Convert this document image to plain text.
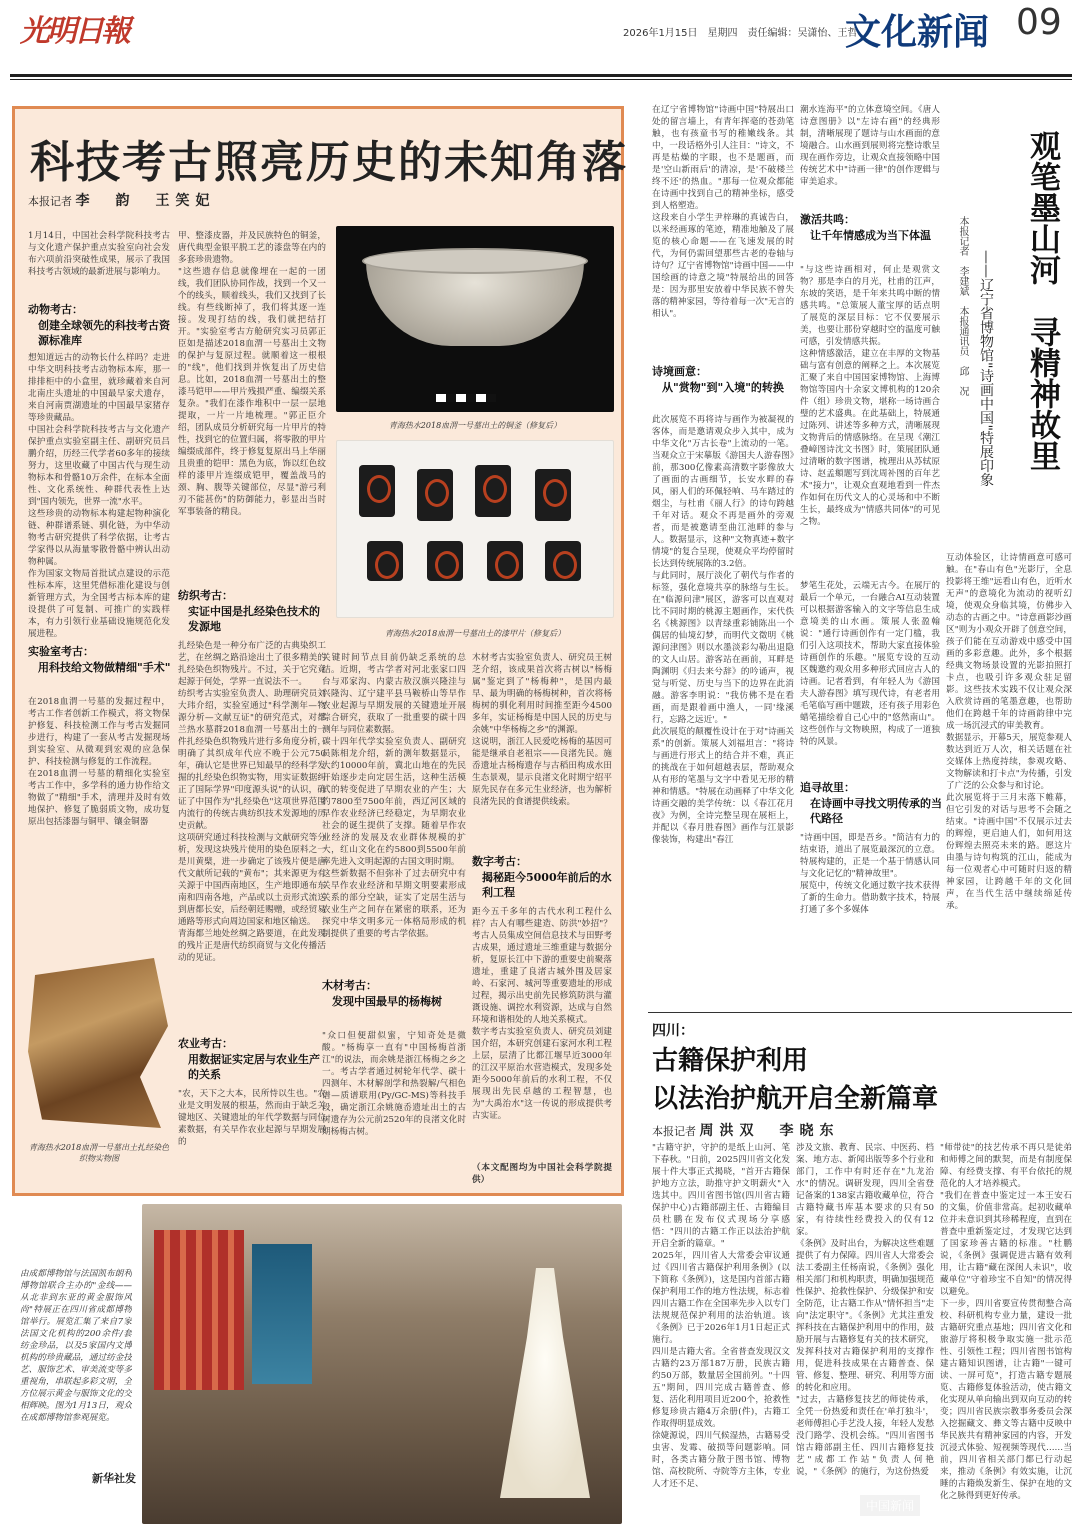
光明日報	2026年1月15日　星期四　责任编辑：吴潇怡、王哲
文化新闻 09
科技考古照亮历史的未知角落
本报记者 李　韵　王笑妃
1月14日，中国社会科学院科技考古与文化遗产保护重点实验室向社会发布六项前沿突破性成果，展示了我国科技考古领域的最新进展与影响力。
动物考古：
创建全球领先的科技考古资源标准库
想知道远古的动物长什么样吗？走进中华文明科技考古动物标本库，那一排排柜中的小盒里，就珍藏着来自河北南庄头遗址的中国最早家犬遗存，来自河南贾湖遗址的中国最早家猪存等珍贵藏品。
中国社会科学院科技考古与文化遗产保护重点实验室副主任、副研究员吕鹏介绍，历经三代学者60多年的接续努力，这里收藏了中国古代与现生动物标本和骨骼10万余件，在标本全面性、文化系统性、种群代表性上达到"国内领先，世界一流"水平。
这些珍贵的动物标本构建起物种演化链、种群谱系链、驯化链，为中华动物考古研究提供了科学依据，让考古学家得以从海量零散骨骼中辨认出动物种属。
作为国家文物局首批试点建设的示范性标本库，这里凭借标准化建设与创新管理方式，为全国考古标本库的建设提供了可复制、可推广的实践样本，有力引领行业基础设施规范化发展进程。
实验室考古：
用科技给文物做精细"手术"
在2018血渭一号墓的发掘过程中，考古工作者创新工作模式，将文物保护修复、科技检测工作与考古发掘同步进行，构建了一套从考古发掘现场到实验室、从微观到宏观的应急保护、科技检测与修复的工作流程。
在2018血渭一号墓的精细化实验室考古工作中，多学科的通力协作给文物做了"精细"手术，清理并及时有效地保护、修复了脆弱质文物，成功复原出包括漆器与铜甲、镶金铜器
青海热水2018血渭一号墓出土扎经染色织物实物图
甲、整漆皮器，并及民族特色的铜釜，唐代典型金银平脱工艺的漆盘等在内的多套珍贵遗物。
"这些遗存信息就像埋在一起的一团线，我们团队协同作战，找到一个又一个的线头，顺着线头，我们又找到了长线。有些线断掉了，我们将其逐一连接。发现打结的线，我们就把结打开。"实验室考古方舱研究实习员郭正臣如是描述2018血渭一号墓出土文物的保护与复原过程。就顺着这一根根的"线"，他们找到并恢复出了历史信息。比如，2018血渭一号墓出土的整漆马铠甲——甲片残损严重、编缀关系复杂。"我们在漆作堆积中一层一层地提取，一片一片地梳理。"郭正臣介绍，团队成员分析研究每一片甲片的特性，找到它的位置归属，将零散的甲片编缀成部件，终于修复复原出马上华丽且贵重的铠甲：黑色为底，饰以红色纹样的漆甲片连缀成铠甲，覆盖战马的颈、胸、腹等关键部位，尽显"游弓利刃不能甚伤"的防御能力，彰显出当时军事装备的精良。
纺织考古：
实证中国是扎经染色技术的发源地
扎经染色是一种分布广泛的古典染织工艺，在丝绸之路沿途出土了很多精美的扎经染色织物残片。不过，关于它究竟起源于何处，学界一直说法不一。
纺织考古实验室负责人、助理研究员刘大玮介绍，实验室通过"科学测年—物源分析—文献互证"的研究范式，对都兰热水墓群2018血渭一号墓出土的一件扎经染色织物残片进行多角度分析，明确了其织成年代应不晚于公元750年，确认它是世界已知最早的经科学发掘的扎经染色织物实物，用实证数据纠正了国际学界"印度源头说"的认识，确证了中国作为"扎经染色"这项世界范围内流行的传统古典纺织技术发源地的历史贡献。
这项研究通过科技检测与文献研究等分析，发现这块残片使用的染色原料之一是川黄檗，进一步确定了该残片便是唐代文献所记载的"黄布"；其来源更为有关源于中国西南地区，生产地即通布东南和四南各地，产品或以土贡形式流送到唐都长安，后经朝廷赐赠，或经贸易通路等形式向周边国家和地区输送。
青海都兰地处丝绸之路要道，在此发现的残片正是唐代纺织商贸与文化传播活动的见证。
农业考古：
用数据证实定居与农业生产的关系
"农，天下之大本，民所恃以生也。"农业是文明发展的根基，然而由于缺乏关键地区、关键遗址的年代学数据与同位素数据，有关早作农业起源与早期发展的
青海热水2018血渭一号墓出土的铜釜（修复后）
青海热水2018血渭一号墓出土的漆甲片（修复后）
关键时间节点目前仍缺乏系统的总结。近期，考古学者对河北张家口四台与邓家沟、内蒙古敖汉旗兴隆洼与兴隆沟、辽宁建平县马鞍桥山等早作农业起源与早期发展的关键遗址开展综合研究，获取了一批重要的碳十四测年与同位素数据。
碳十四年代学实验室负责人、副研究员陈相龙介绍，新的测年数据显示，大约10000年前，冀北山地在的先民开始逐步走向定居生活，这种生活模式的转变促进了早期农业的产生；大约7800至7500年前，西辽河区域的早作农业经济已经稳定，为早期农业社会的诞生提供了支撑。随着早作农业经济的发展及农业群体规模的扩大，红山文化在约5800到5500年前率先进入文明起源的古国文明时期。
这些新数据不但弥补了过去研究中有关早作农业经济和早期文明要素形成关系的部分空缺，证实了定居生活与农业生产之间存在紧密的联系，还为探究中华文明多元一体格局形成的机制提供了重要的考古学依据。
木材考古：
发现中国最早的杨梅树
"众口但便甜似蜜，宁知奇处是微酸。"杨梅享一直有"中国杨梅首浙江"的说法，而余姚是浙江杨梅之乡之一。考古学者通过树轮年代学、碳十四测年、木材解剖学和热裂解/气相色谱—质谱联用(Py/GC-MS)等科技手段，确定浙江余姚施岙遗址出土的古树遗存为公元前2520年的良渚文化时期杨梅古树。
木材考古实验室负责人、研究员王树芝介绍，该成果首次将古树以"杨梅属"鉴定到了"杨梅种"，是国内最早、最为明确的杨梅树种，首次将杨梅树的驯化利用时间推至距今4500多年，实证杨梅是中国人民的历史与余姚"中华杨梅之乡"的渊源。
这说明，浙江人民爱吃杨梅的基因可能是继承自老祖宗——良渚先民。施岙遗址古杨梅遗存与古稻田构成水田生态景观，显示良渚文化时期宁绍平原先民存在多元生业经济，也为解析良渚先民的食谱提供线索。
数字考古：
揭秘距今5000年前后的水利工程
距今五千多年的古代水利工程什么样？古人有哪些建造、防洪"妙招"？考古人员集成空间信息技术与田野考古成果，通过遗址三维重建与数据分析，复原长江中下游的重要史前聚落遗址，重建了良渚古城外围及居家岭、石家河、城河等重要遗址的形成过程，揭示出史前先民修筑防洪与灌溉设施、调控水利资源，达成与自然环境和谐相处的人地关系模式。
数字考古实验室负责人、研究员刘建国介绍，本研究创建石家河水利工程上层，层清了比都江堰早近3000年的江汉平原治水营造模式，发现多处距今5000年前后的水利工程，不仅展现出先民卓越的工程智慧，也为"大禹治水"这一传说的形成提供考古实证。
（本文配图均为中国社会科学院提供）
由成都博物馆与法国凯布朗利博物馆联合主办的"金线——从北非到东亚的黄金服饰风尚"特展正在四川省成都博物馆举行。展览汇集了来自7家法国文化机构的200余件/套纺金珍品，以及5家国内文博机构的珍贵藏品，通过纺金技艺、服饰艺术、审美流变等多重视角，串联起多彩文明，全方位展示黄金与服饰文化的交相辉映。图为1月13日，观众在成都博物馆参观展览。
新华社发
观笔墨山河　寻精神故里
——辽宁省博物馆"诗画中国"特展印象
本报记者　李建斌　本报通讯员　邱　况
在辽宁省博物馆"诗画中国"特展出口处的留言墙上，有青年挥毫的苍劲笔触，也有孩童书写的稚嫩线条。其中，一段话格外引人注目："诗文，不再是枯燥的字眼，也不是题画，而是'空山新雨后'的清凉，是'不破楼兰终不还'的热血。"那每一位观众都能在诗画中找到自己的精神坐标，感受到人格塑造。
这段来自小学生尹梓琳的真诚告白，以米经画琢的笔迹，精准地触及了展览的核心命题——在飞速发展的时代，为何仍需回望那些古老的卷轴与诗句？辽宁省博物馆"诗画中国——中国绘画的诗意之境"特展给出的回答是：因为那里安放着中华民族不曾失落的精神家园，等待着每一次"无言的相认"。
诗境画意：
从"赏物"到"入境"的转换
此次展览不再将诗与画作为被凝视的客体，而是邀请观众步入其中，成为中华文化"万古长卷"上流动的一笔。当观众立于宋摹版《游国夫人游春图》前，那300亿像素高清数字影像放大了画面的古画细节，长安水畔的春风，丽人们的环佩轻响、马车踏过的烟尘，与杜甫《丽人行》的诗句跨越千年对话。观众不再是画外的旁观者，而是被邀请至曲江池畔的参与人。数据显示，这种"文物真迹+数字情境"的复合呈现，使观众平均停留时长达到传统展陈的3.2倍。
与此同时，展厅淡化了朝代与作者的标签，强化意境共享的脉络与生长。在"临源问津"展区，游客可以直观对比不同时期的桃源主题画作，宋代佚名《桃源图》以青绿重彩铺陈出一个偶居的仙境幻梦，而明代文徵明《桃源问津图》则以水墨淡彩勾勒出退隐的文人山居。游客站在画前，耳畔是陶渊明《归去来兮辞》的吟诵声，视觉与听觉、历史与当下的边界在此消融。游客李明说："我仿佛不是在看画，而是跟着画中渔人，一同'缘溪行，忘路之远近'。"
此次展览的颠覆性设计在于对"诗画关系"的创新。策展人刘福坦言："将诗与画进行形式上的结合并不难，真正的挑战在于如何超越表层，帮助观众从有形的笔墨与文字中看见无形的精神和情感。"特展在动画释了中华文化诗画交融的美学传统：以《春江花月夜》为例，全诗完整呈现在展柜上，并配以《春月胜春图》画作与江景影像装饰，构建出"春江
潮水连海平"的立体意境空间。《唐人诗意图册》以"左诗右画"的经典形制，清晰展现了题诗与山水画面的意境融合。山水画到展则将完整诗歌呈现在画作旁边，让观众直接领略中国传统艺术中"诗画一律"的创作逻辑与审美追求。
激活共鸣：
让千年情感成为当下体温
"与这些诗画相对，何止是观赏文物？那是李白的月光，杜甫的江声，东坡的笑语，是千年来共鸣中断的情感共鸣。"总策展人董宝厚的话点明了展览的深层目标：它不仅要展示美，也要让那份穿越时空的温度可触可感，引发情感共振。
这种情感激活，建立在丰厚的文物基础与富有创意的阐释之上。本次展览汇聚了来自中国国家博物馆、上海博物馆等国内十余家文博机构的120余件（组）珍贵文物，堪称一场诗画合璧的艺术盛典。在此基础上，特展通过陈列、讲述等多种方式，清晰展现文物背后的情感脉络。在呈现《潮江叠嶂图诗沈文书图》时，策展团队通过清晰的数字图谱，梳理出从苏轼原诗、赵孟頫题写到沈周补图的百年艺术"接力"，让观众直观地看到一件杰作如何在历代文人的心灵场和中不断生长，最终成为"情感共同体"的可见之物。
梦笔生花处，云端无古今。在展厅的最后一个单元，一台融合AI互动装置可以根据游客输入的文字等信息生成意境美的山水画。策展人张盈翰说："通行诗画创作有一定门槛，我们引入这项技术，帮助大家直接体验诗画创作的乐趣。"展览专设的互动区魏邀约观众用多种形式回应古人的诗画。记者看到，有年轻人为《游国夫人游春图》填写现代诗，有老者用毛笔临写画中题跋，还有孩子用彩色蜡笔描绘着自己心中的"悠然南山"。这些创作与文物映照，构成了一道独特的风景。
追寻故里：
在诗画中寻找文明传承的当代路径
"诗画中国，即是吾乡。"简洁有力的结束语，道出了展览最深沉的立意。特展构建的，正是一个基于情感认同与文化记忆的"精神故里"。
展览中，传统文化通过数字技术获得了新的生命力。借助数字技术，特展打通了多个多媒体
互动体验区，让诗情画意可感可触。在"春山有色"光影厅，全息投影将王维"远看山有色，近听水无声"的意境化为流动的视听幻境，使观众身临其境，仿佛步入动态的古画之中。"诗意画影沙画区"则为小观众开辟了创意空间，孩子们能在互动游戏中感受中国画的多彩意趣。此外，多个根据经典文物场景设置的光影拍照打卡点，也吸引许多观众驻足留影。这些技术实践不仅让观众深入欣赏诗画的笔墨意趣，也帮助他们在跨越千年的诗画韵律中完成一场沉浸式的审美教育。
数据显示，开幕5天，展览参观人数达到近万人次，相关话题在社交媒体上热度持续，参观攻略、文物解读和打卡点"为传播，引发了广泛的公众参与和讨论。
此次展览将于三月末落下帷幕，但它引发的对话与思考不会随之结束。"诗画中国"不仅展示过去的辉煌，更启迪人们，如何用这份辉煌去照亮未来的路。愿这片由墨与诗句构筑的江山，能成为每一位观者心中可随时归返的精神家园，让跨越千年的文化回声，在当代生活中继续绵延传承。
四川：
古籍保护利用
以法治护航开启全新篇章
本报记者 周洪双　李晓东
"古籍守护，守护的是纸上山河、笔下春秋。"日前，2025四川省文化发展十件大事正式揭晓，"首开古籍保护地方立法，助推守护文明薪火"入选其中。四川省图书馆(四川省古籍保护中心)古籍部副主任、古籍编目员杜鹏在发布仪式现场分享感悟："四川的古籍工作正以法治护航开启全新的篇章。"
2025年，四川省人大常委会审议通过《四川省古籍保护利用条例》(以下简称《条例》)，这是国内首部古籍保护利用工作的地方性法规，标志着四川古籍工作在全国率先步入以专门法规规范保护利用的法治轨道。该《条例》已于2026年1月1日起正式施行。
四川是古籍大省。全省普查发现汉文古籍约23万部187万册，民族古籍约50万部，数量居全国前列。"十四五"期间，四川完成古籍普查、修复、活化利用项目近200个，抢救性修复珍贵古籍4万余册(件)，古籍工作取得明显成效。
徐婕源说，四川气候湿热，古籍易受虫害、发霉、破损等问题影响。同时，各类古籍分散于图书馆、博物馆、高校院所、寺院等方主体，专业人才还不足、
涉及文旅、教育、民宗、中医药、档案、地方志、新闻出版等多个行业和部门，工作中有时还存在"九龙治水"的情况。调研发现，四川全省登记备案的138家古籍收藏单位，符合古籍特藏书库基本要求的只有50家，有待续性经费投入的仅有12家。
《条例》及时出台，为解决这些难题提供了有力保障。四川省人大常委会法工委副主任杨南说，《条例》强化相关部门和机构职责，明确加强规范性保护、抢救性保护、分级保护和安全防范，让古籍工作从"情怀担当"走向"法定职守"。《条例》尤其注重发挥科技在古籍保护利用中的作用，鼓励开展与古籍修复有关的技术研究，发挥科技对古籍保护利用的支撑作用，促进科技成果在古籍普查、保管、修复、整理、研究、利用等方面的转化和应用。
"过去，古籍修复技艺的师徒传承，全凭一份热爱和责任在'单打独斗'，老师傅担心手艺没人接，年轻人发愁没门路学、没机会练。"四川省图书馆古籍部副主任、四川古籍修复技艺"成都工作站"负责人何艳说，"《条例》的施行，为这份热爱
"师带徒"的技艺传承不再只是徒弟和师傅之间的默契，而是有制度保障、有经费支撑、有平台依托的规范化的人才培养模式。
"我们在普查中鉴定过一本王安石的文集，价值非常高。起初收藏单位并未意识到其珍稀程度，直到在普查中重新鉴定过，才发现它达到了国家珍善古籍的标准。"杜鹏说，《条例》强调促进古籍有效利用，让古籍"藏在深闺人未识"，收藏单位"守着珍宝不自知"的情况得以避免。
下一步，四川省要宣传贯彻整合高校、科研机构专业力量，建设一批古籍研究重点基地；四川省文化和旅游厅将积极争取实施一批示范性、引领性工程；四川省图书馆构建古籍知识图谱，让古籍"一键可读、一屏可览"，打造古籍专题展览、古籍修复体验活动，使古籍文化实现从单向输出到双向互动的转变；四川省民族宗教事务委员会深入挖掘藏文、彝文等古籍中反映中华民族共有精神家园的内容，开发沉浸式体验、短视频等现代……当前，四川省相关部门都已行动起来，推动《条例》有效实施，让沉睡的古籍焕发新生、保护在地的文化之脉得到更好传承。
中国新闻
